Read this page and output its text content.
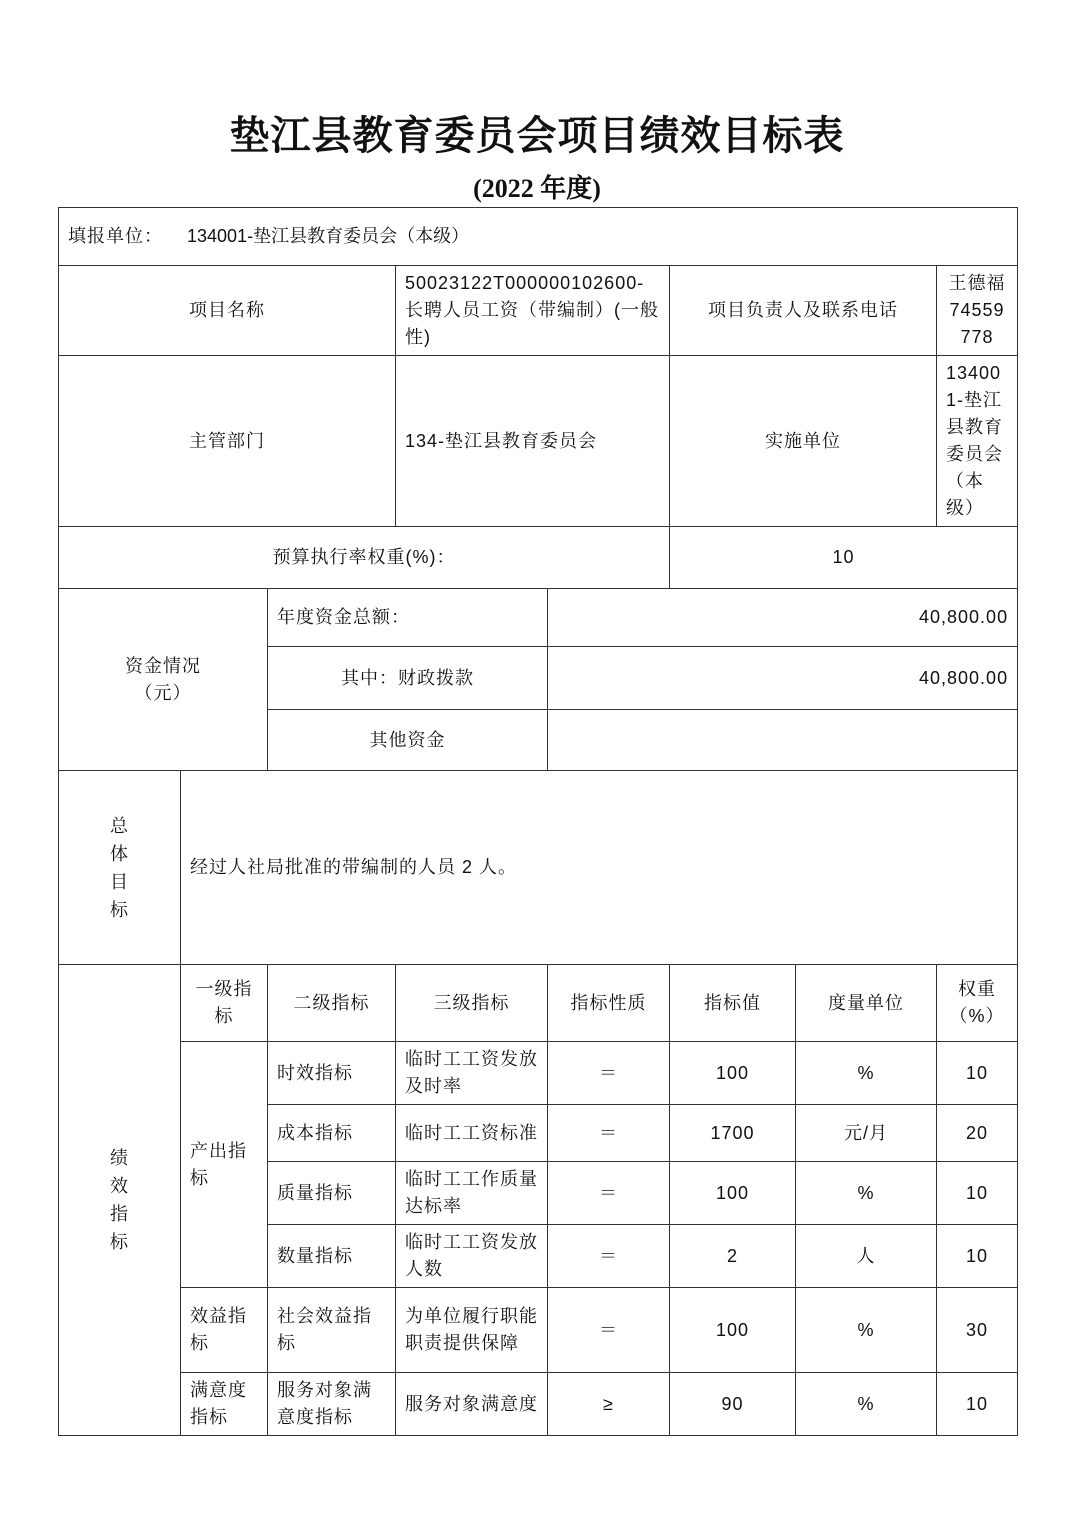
垫江县教育委员会项目绩效目标表
(2022 年度)
填报单位： 134001-垫江县教育委员会（本级）							
项目名称			50023122T000000102600-长聘人员工资（带编制）(一般性)		项目负责人及联系电话		王德福 74559778
主管部门			134-垫江县教育委员会		实施单位		134001-垫江县教育委员会（本级）
预算执行率权重(%)：					10		

资金情况
（元）		年度资金总额：		40,800.00			
		其中：财政拨款		40,800.00			
		其他资金					

总体目标	经过人社局批准的带编制的人员 2 人。						

绩效指标	一级指标	二级指标	三级指标	指标性质	指标值	度量单位	权重（%）
	产出指标	时效指标	临时工工资发放及时率	＝	100	%	10
		成本指标	临时工工资标准	＝	1700	元/月	20
		质量指标	临时工工作质量达标率	＝	100	%	10
		数量指标	临时工工资发放人数	＝	2	人	10
	效益指标	社会效益指标	为单位履行职能职责提供保障	＝	100	%	30
	满意度指标	服务对象满意度指标	服务对象满意度	≥	90	%	10
